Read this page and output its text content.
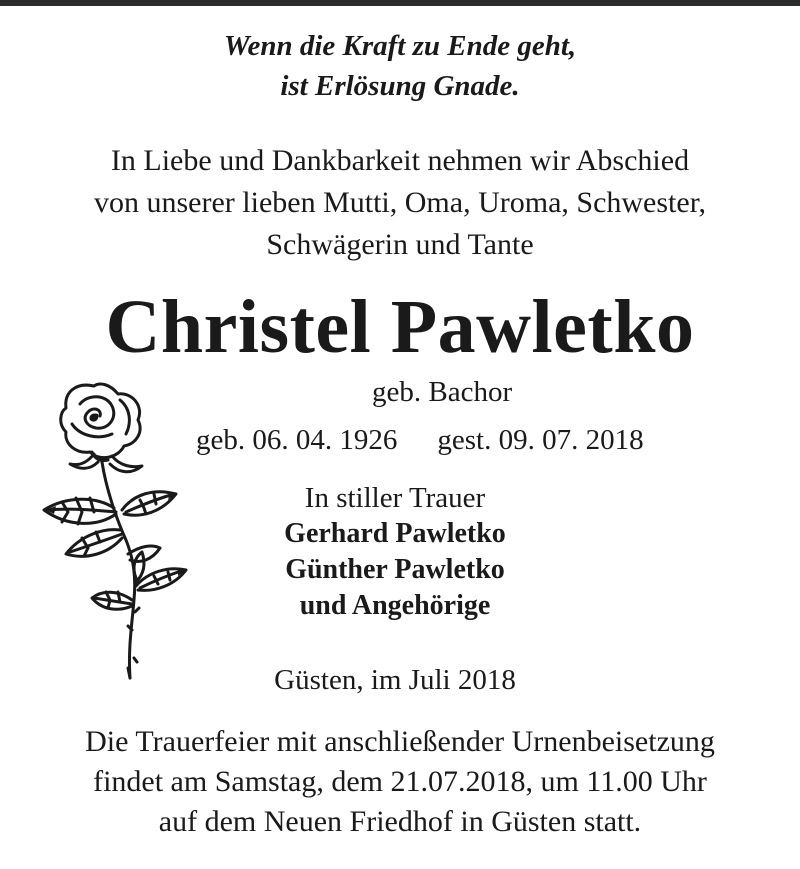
Wenn die Kraft zu Ende geht,
ist Erlösung Gnade.
In Liebe und Dankbarkeit nehmen wir Abschied
von unserer lieben Mutti, Oma, Uroma, Schwester,
Schwägerin und Tante
Christel Pawletko
geb. Bachor
geb. 06. 04. 1926 gest. 09. 07. 2018
In stiller Trauer
Gerhard Pawletko
Günther Pawletko
und Angehörige
Güsten, im Juli 2018
Die Trauerfeier mit anschließender Urnenbeisetzung
findet am Samstag, dem 21.07.2018, um 11.00 Uhr
auf dem Neuen Friedhof in Güsten statt.
